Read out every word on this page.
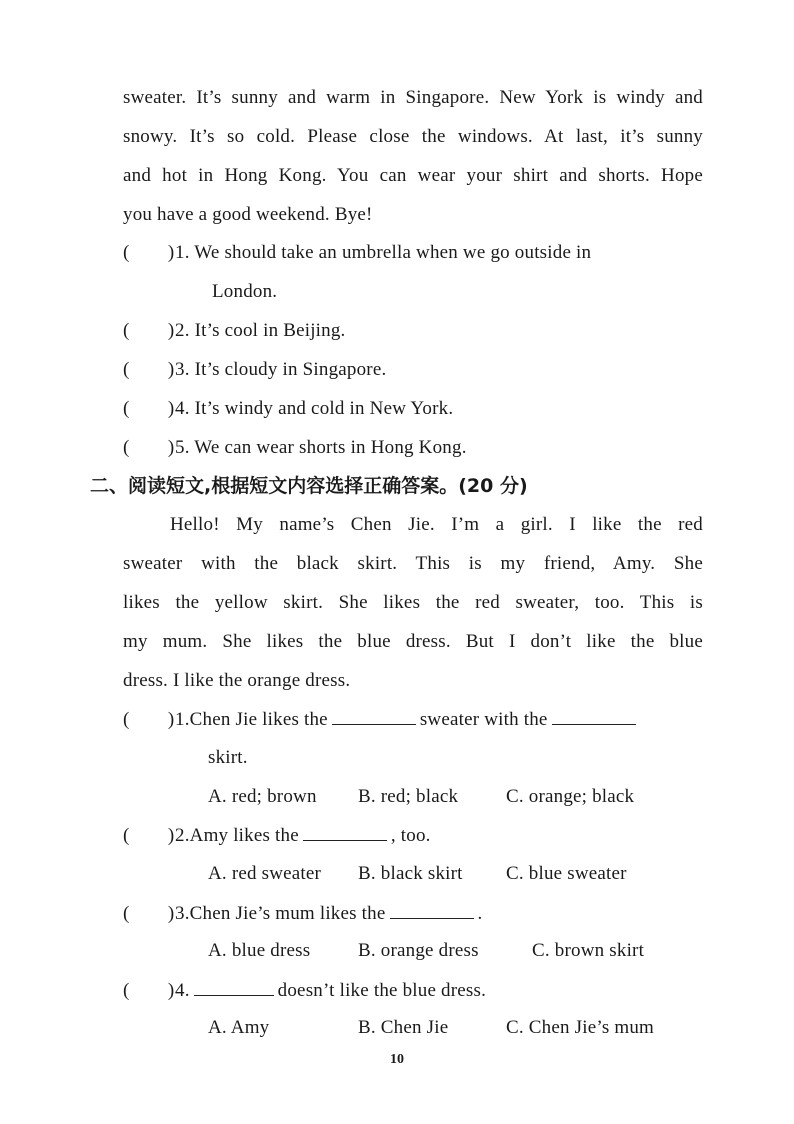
sweater. It’s sunny and warm in Singapore. New York is windy and
snowy. It’s so cold. Please close the windows. At last, it’s sunny
and hot in Hong Kong. You can wear your shirt and shorts. Hope
you have a good weekend. Bye!
(　　)1. We should take an umbrella when we go outside in
London.
(　　)2. It’s cool in Beijing.
(　　)3. It’s cloudy in Singapore.
(　　)4. It’s windy and cold in New York.
(　　)5. We can wear shorts in Hong Kong.
二、阅读短文,根据短文内容选择正确答案。(20 分)
Hello! My name’s Chen Jie. I’m a girl. I like the red
sweater with the black skirt. This is my friend, Amy. She
likes the yellow skirt. She likes the red sweater, too. This is
my mum. She likes the blue dress. But I don’t like the blue
dress. I like the orange dress.
(　　)1.Chen Jie likes the	sweater with the
skirt.
A. red; brown B. red; black	C. orange; black
(　　)2.Amy likes the	, too.
A. red sweater B. black skirt C. blue sweater
(　　)3.Chen Jie’s mum likes the	.
A. blue dress	B. orange dress	C. brown skirt
(　　)4.	doesn’t like the blue dress.
A. Amy	B. Chen Jie	C. Chen Jie’s mum
10
